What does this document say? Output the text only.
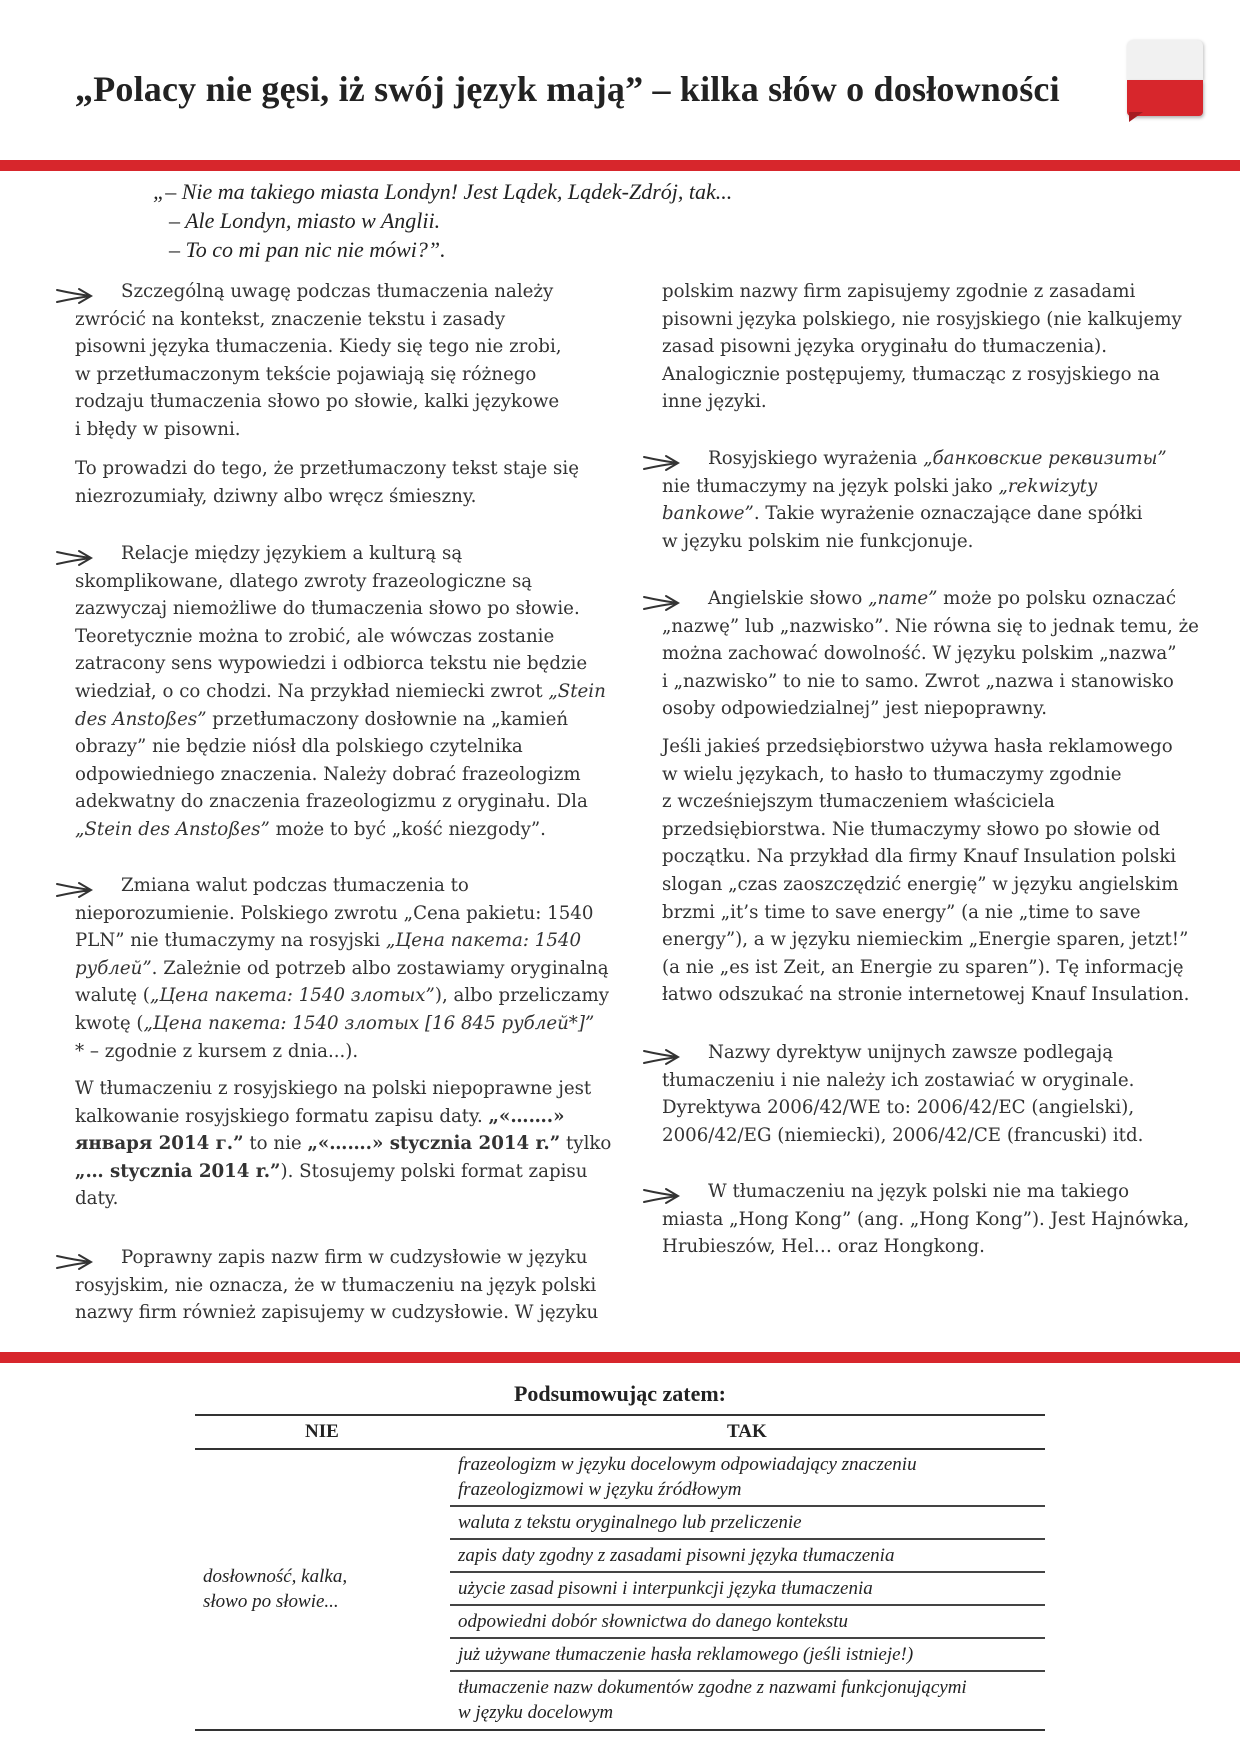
„Polacy nie gęsi, iż swój język mają” – kilka słów o dosłowności
„– Nie ma takiego miasta Londyn! Jest Lądek, Lądek-Zdrój, tak...
– Ale Londyn, miasto w Anglii.
– To co mi pan nic nie mówi?”.
Szczególną uwagę podczas tłumaczenia należy
zwrócić na kontekst, znaczenie tekstu i zasady
pisowni języka tłumaczenia. Kiedy się tego nie zrobi,
w przetłumaczonym tekście pojawiają się różnego
rodzaju tłumaczenia słowo po słowie, kalki językowe
i błędy w pisowni.
To prowadzi do tego, że przetłumaczony tekst staje się
niezrozumiały, dziwny albo wręcz śmieszny.
Relacje między językiem a kulturą są
skomplikowane, dlatego zwroty frazeologiczne są
zazwyczaj niemożliwe do tłumaczenia słowo po słowie.
Teoretycznie można to zrobić, ale wówczas zostanie
zatracony sens wypowiedzi i odbiorca tekstu nie będzie
wiedział, o co chodzi. Na przykład niemiecki zwrot „Stein
des Anstoßes” przetłumaczony dosłownie na „kamień
obrazy” nie będzie niósł dla polskiego czytelnika
odpowiedniego znaczenia. Należy dobrać frazeologizm
adekwatny do znaczenia frazeologizmu z oryginału. Dla
„Stein des Anstoßes” może to być „kość niezgody”.
Zmiana walut podczas tłumaczenia to
nieporozumienie. Polskiego zwrotu „Cena pakietu: 1540
PLN” nie tłumaczymy na rosyjski „Цена пакета: 1540
рублей”. Zależnie od potrzeb albo zostawiamy oryginalną
walutę („Цена пакета: 1540 злотых”), albo przeliczamy
kwotę („Цена пакета: 1540 злотых [16 845 рублей*]”
* – zgodnie z kursem z dnia...).
W tłumaczeniu z rosyjskiego na polski niepoprawne jest
kalkowanie rosyjskiego formatu zapisu daty. „«…….»
января 2014 г.” to nie „«…….» stycznia 2014 r.” tylko
„… stycznia 2014 r.”). Stosujemy polski format zapisu
daty.
Poprawny zapis nazw firm w cudzysłowie w języku
rosyjskim, nie oznacza, że w tłumaczeniu na język polski
nazwy firm również zapisujemy w cudzysłowie. W języku
polskim nazwy firm zapisujemy zgodnie z zasadami
pisowni języka polskiego, nie rosyjskiego (nie kalkujemy
zasad pisowni języka oryginału do tłumaczenia).
Analogicznie postępujemy, tłumacząc z rosyjskiego na
inne języki.
Rosyjskiego wyrażenia „банковские реквизиты”
nie tłumaczymy na język polski jako „rekwizyty
bankowe”. Takie wyrażenie oznaczające dane spółki
w języku polskim nie funkcjonuje.
Angielskie słowo „name” może po polsku oznaczać
„nazwę” lub „nazwisko”. Nie równa się to jednak temu, że
można zachować dowolność. W języku polskim „nazwa”
i „nazwisko” to nie to samo. Zwrot „nazwa i stanowisko
osoby odpowiedzialnej” jest niepoprawny.
Jeśli jakieś przedsiębiorstwo używa hasła reklamowego
w wielu językach, to hasło to tłumaczymy zgodnie
z wcześniejszym tłumaczeniem właściciela
przedsiębiorstwa. Nie tłumaczymy słowo po słowie od
początku. Na przykład dla firmy Knauf Insulation polski
slogan „czas zaoszczędzić energię” w języku angielskim
brzmi „it’s time to save energy” (a nie „time to save
energy”), a w języku niemieckim „Energie sparen, jetzt!”
(a nie „es ist Zeit, an Energie zu sparen”). Tę informację
łatwo odszukać na stronie internetowej Knauf Insulation.
Nazwy dyrektyw unijnych zawsze podlegają
tłumaczeniu i nie należy ich zostawiać w oryginale.
Dyrektywa 2006/42/WE to: 2006/42/EC (angielski),
2006/42/EG (niemiecki), 2006/42/CE (francuski) itd.
W tłumaczeniu na język polski nie ma takiego
miasta „Hong Kong” (ang. „Hong Kong”). Jest Hajnówka,
Hrubieszów, Hel… oraz Hongkong.
Podsumowując zatem:
NIE	TAK
dosłowność, kalka,
słowo po słowie...
frazeologizm w języku docelowym odpowiadający znaczeniu
frazeologizmowi w języku źródłowym
waluta z tekstu oryginalnego lub przeliczenie
zapis daty zgodny z zasadami pisowni języka tłumaczenia
użycie zasad pisowni i interpunkcji języka tłumaczenia
odpowiedni dobór słownictwa do danego kontekstu
już używane tłumaczenie hasła reklamowego (jeśli istnieje!)
tłumaczenie nazw dokumentów zgodne z nazwami funkcjonującymi
w języku docelowym
